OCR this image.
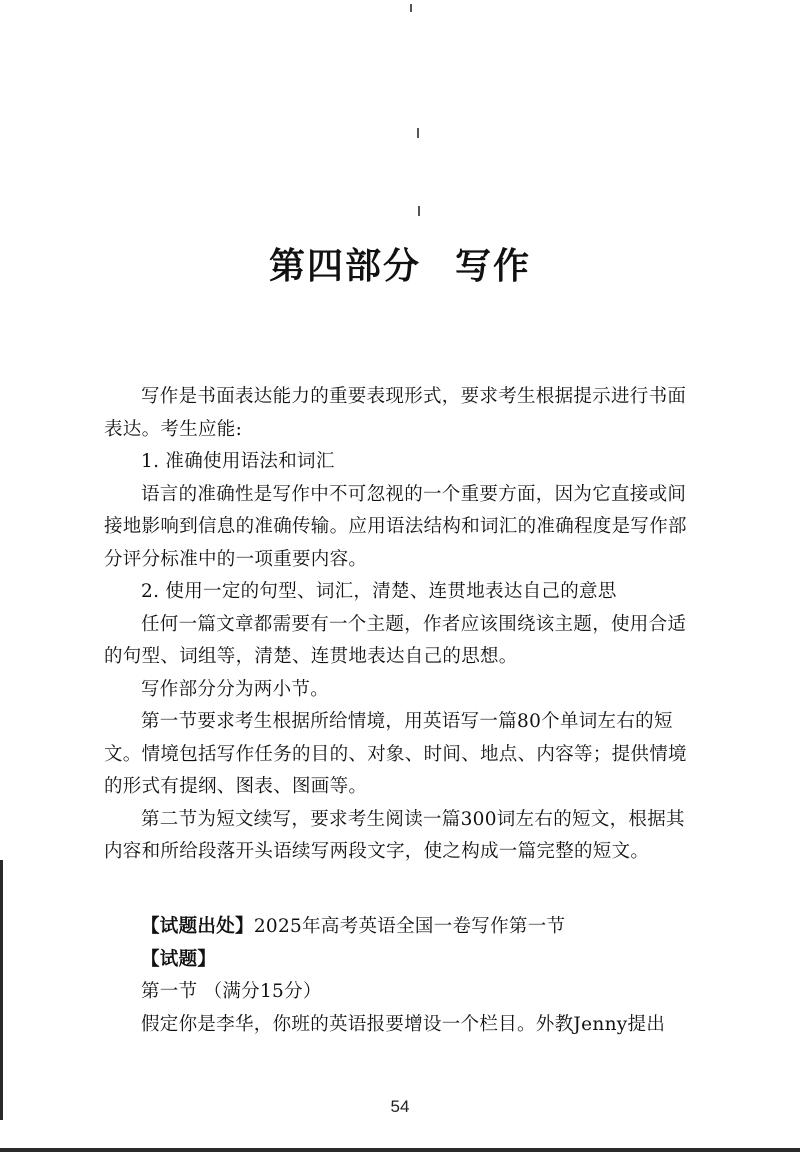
第四部分 写作

写作是书面表达能力的重要表现形式，要求考生根据提示进行书面表达。考生应能:

1. 准确使用语法和词汇

语言的准确性是写作中不可忽视的一个重要方面，因为它直接或间接地影响到信息的准确传输。应用语法结构和词汇的准确程度是写作部分评分标准中的一项重要内容。

2. 使用一定的句型、词汇，清楚、连贯地表达自己的意思

任何一篇文章都需要有一个主题，作者应该围绕该主题，使用合适的句型、词组等，清楚、连贯地表达自己的思想。

写作部分分为两小节。

第一节要求考生根据所给情境，用英语写一篇80个单词左右的短文。情境包括写作任务的目的、对象、时间、地点、内容等；提供情境的形式有提纲、图表、图画等。

第二节为短文续写，要求考生阅读一篇300词左右的短文，根据其内容和所给段落开头语续写两段文字，使之构成一篇完整的短文。

【试题出处】2025年高考英语全国一卷写作第一节

【试题】

第一节 （满分15分）

假定你是李华，你班的英语报要增设一个栏目。外教Jenny提出

54
